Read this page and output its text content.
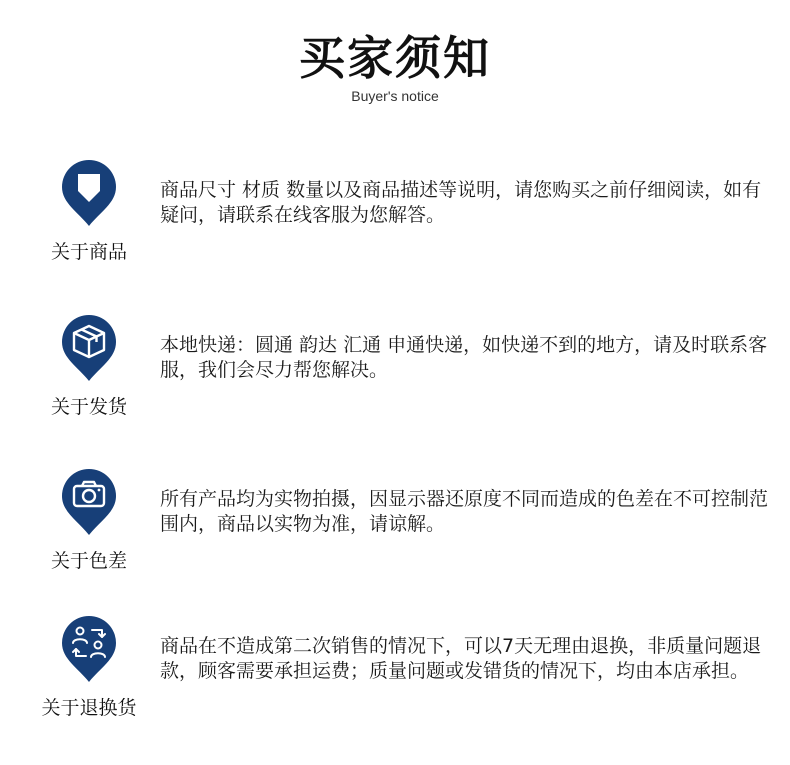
买家须知
Buyer's notice
关于商品
商品尺寸 材质 数量以及商品描述等说明，请您购买之前仔细阅读，如有疑问，请联系在线客服为您解答。
关于发货
本地快递：圆通 韵达 汇通 申通快递，如快递不到的地方，请及时联系客服，我们会尽力帮您解决。
关于色差
所有产品均为实物拍摄，因显示器还原度不同而造成的色差在不可控制范围内，商品以实物为准，请谅解。
关于退换货
商品在不造成第二次销售的情况下，可以7天无理由退换，非质量问题退款，顾客需要承担运费；质量问题或发错货的情况下，均由本店承担。
